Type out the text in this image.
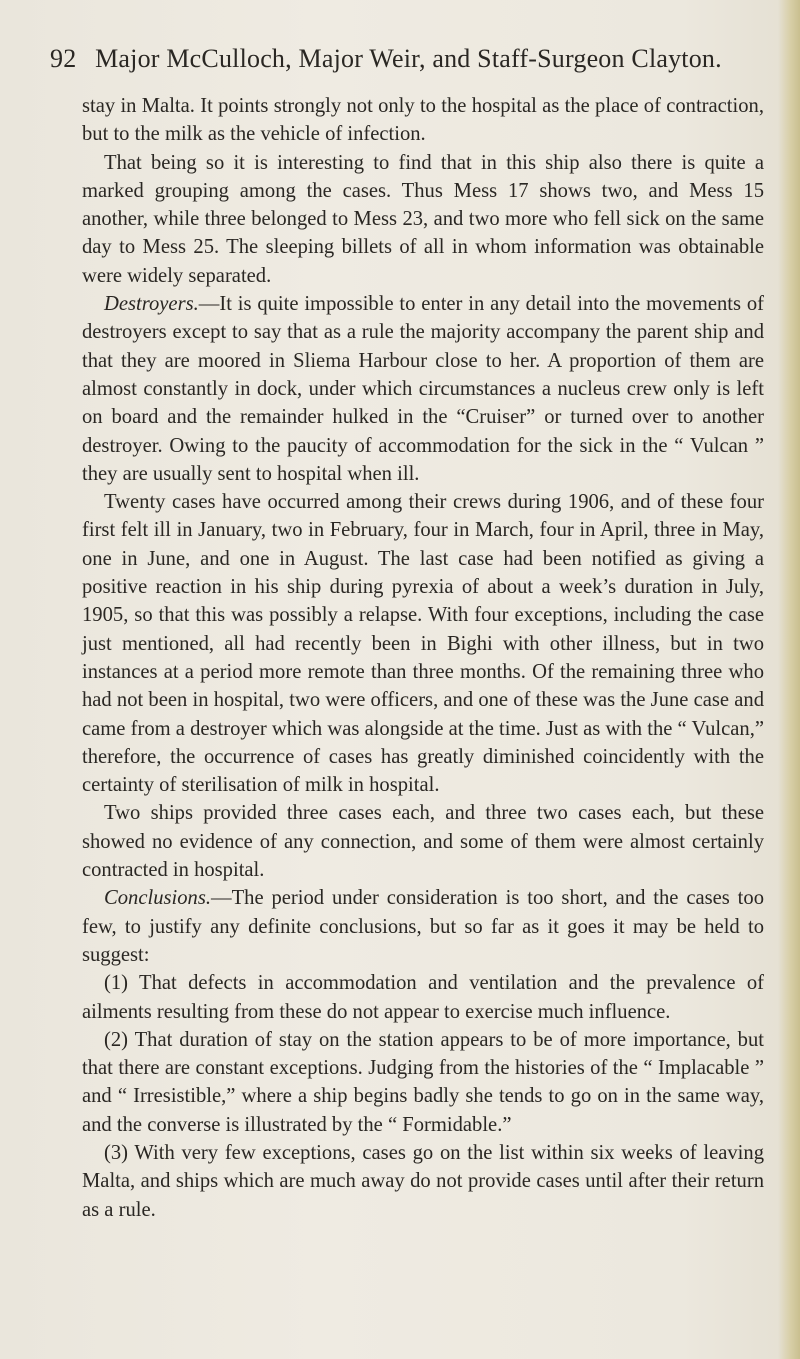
92 Major McCulloch, Major Weir, and Staff-Surgeon Clayton.

stay in Malta. It points strongly not only to the hospital as the place of contraction, but to the milk as the vehicle of infection.

That being so it is interesting to find that in this ship also there is quite a marked grouping among the cases. Thus Mess 17 shows two, and Mess 15 another, while three belonged to Mess 23, and two more who fell sick on the same day to Mess 25. The sleeping billets of all in whom information was obtainable were widely separated.

Destroyers.—It is quite impossible to enter in any detail into the movements of destroyers except to say that as a rule the majority accompany the parent ship and that they are moored in Sliema Harbour close to her. A proportion of them are almost constantly in dock, under which circumstances a nucleus crew only is left on board and the remainder hulked in the “Cruiser” or turned over to another destroyer. Owing to the paucity of accommodation for the sick in the “ Vulcan ” they are usually sent to hospital when ill.

Twenty cases have occurred among their crews during 1906, and of these four first felt ill in January, two in February, four in March, four in April, three in May, one in June, and one in August. The last case had been notified as giving a positive reaction in his ship during pyrexia of about a week’s duration in July, 1905, so that this was possibly a relapse. With four exceptions, including the case just mentioned, all had recently been in Bighi with other illness, but in two instances at a period more remote than three months. Of the remaining three who had not been in hospital, two were officers, and one of these was the June case and came from a destroyer which was alongside at the time. Just as with the “ Vulcan,” therefore, the occurrence of cases has greatly diminished coincidently with the certainty of sterilisation of milk in hospital.

Two ships provided three cases each, and three two cases each, but these showed no evidence of any connection, and some of them were almost certainly contracted in hospital.

Conclusions.—The period under consideration is too short, and the cases too few, to justify any definite conclusions, but so far as it goes it may be held to suggest:

(1) That defects in accommodation and ventilation and the prevalence of ailments resulting from these do not appear to exercise much influence.

(2) That duration of stay on the station appears to be of more importance, but that there are constant exceptions. Judging from the histories of the “ Implacable ” and “ Irresistible,” where a ship begins badly she tends to go on in the same way, and the converse is illustrated by the “ Formidable.”

(3) With very few exceptions, cases go on the list within six weeks of leaving Malta, and ships which are much away do not provide cases until after their return as a rule.
